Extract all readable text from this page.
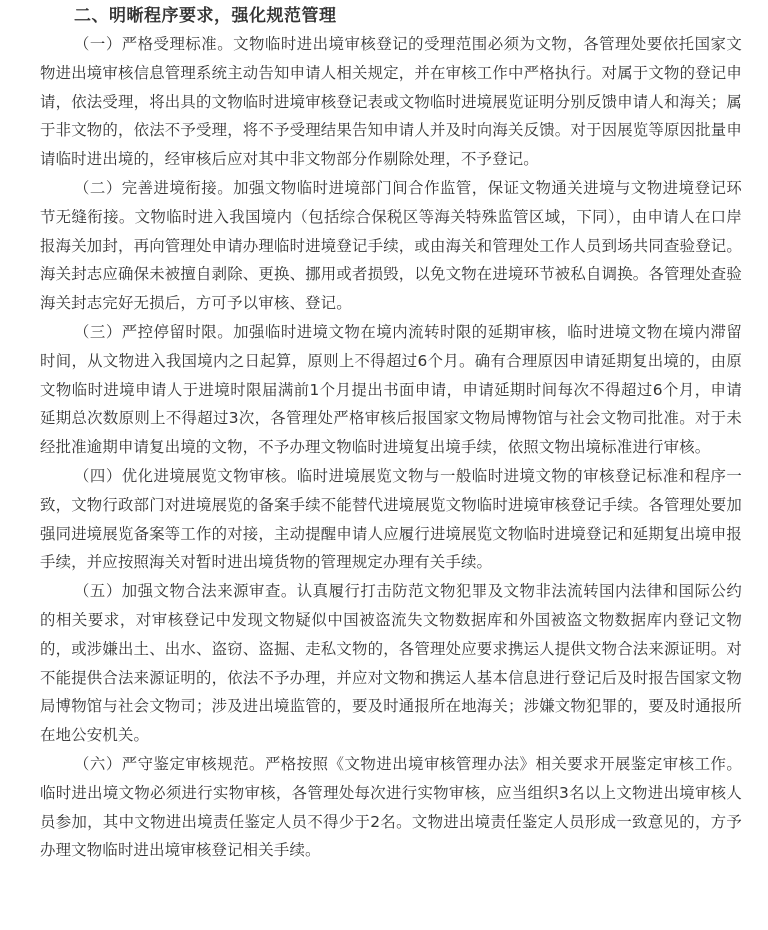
二、明晰程序要求，强化规范管理

（一）严格受理标准。文物临时进出境审核登记的受理范围必须为文物，各管理处要依托国家文物进出境审核信息管理系统主动告知申请人相关规定，并在审核工作中严格执行。对属于文物的登记申请，依法受理，将出具的文物临时进境审核登记表或文物临时进境展览证明分别反馈申请人和海关；属于非文物的，依法不予受理，将不予受理结果告知申请人并及时向海关反馈。对于因展览等原因批量申请临时进出境的，经审核后应对其中非文物部分作剔除处理，不予登记。

（二）完善进境衔接。加强文物临时进境部门间合作监管，保证文物通关进境与文物进境登记环节无缝衔接。文物临时进入我国境内（包括综合保税区等海关特殊监管区域，下同），由申请人在口岸报海关加封，再向管理处申请办理临时进境登记手续，或由海关和管理处工作人员到场共同查验登记。海关封志应确保未被擅自剥除、更换、挪用或者损毁，以免文物在进境环节被私自调换。各管理处查验海关封志完好无损后，方可予以审核、登记。

（三）严控停留时限。加强临时进境文物在境内流转时限的延期审核，临时进境文物在境内滞留时间，从文物进入我国境内之日起算，原则上不得超过6个月。确有合理原因申请延期复出境的，由原文物临时进境申请人于进境时限届满前1个月提出书面申请，申请延期时间每次不得超过6个月，申请延期总次数原则上不得超过3次，各管理处严格审核后报国家文物局博物馆与社会文物司批准。对于未经批准逾期申请复出境的文物，不予办理文物临时进境复出境手续，依照文物出境标准进行审核。

（四）优化进境展览文物审核。临时进境展览文物与一般临时进境文物的审核登记标准和程序一致，文物行政部门对进境展览的备案手续不能替代进境展览文物临时进境审核登记手续。各管理处要加强同进境展览备案等工作的对接，主动提醒申请人应履行进境展览文物临时进境登记和延期复出境申报手续，并应按照海关对暂时进出境货物的管理规定办理有关手续。

（五）加强文物合法来源审查。认真履行打击防范文物犯罪及文物非法流转国内法律和国际公约的相关要求，对审核登记中发现文物疑似中国被盗流失文物数据库和外国被盗文物数据库内登记文物的，或涉嫌出土、出水、盗窃、盗掘、走私文物的，各管理处应要求携运人提供文物合法来源证明。对不能提供合法来源证明的，依法不予办理，并应对文物和携运人基本信息进行登记后及时报告国家文物局博物馆与社会文物司；涉及进出境监管的，要及时通报所在地海关；涉嫌文物犯罪的，要及时通报所在地公安机关。

（六）严守鉴定审核规范。严格按照《文物进出境审核管理办法》相关要求开展鉴定审核工作。临时进出境文物必须进行实物审核，各管理处每次进行实物审核，应当组织3名以上文物进出境审核人员参加，其中文物进出境责任鉴定人员不得少于2名。文物进出境责任鉴定人员形成一致意见的，方予办理文物临时进出境审核登记相关手续。
